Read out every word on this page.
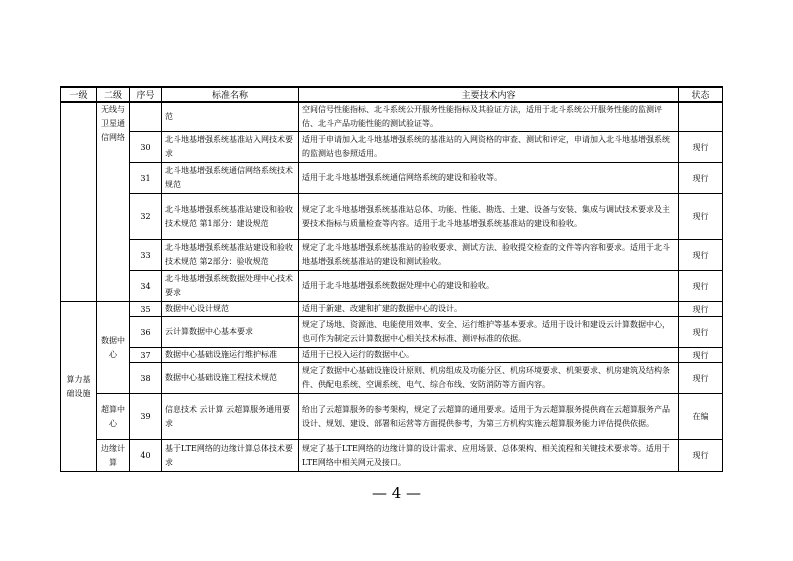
一级	二级	序号	标准名称	主要技术内容	状态
	无线与卫星通信网络		范	空间信号性能指标、北斗系统公开服务性能指标及其验证方法，适用于北斗系统公开服务性能的监测评估、北斗产品功能性能的测试验证等。	
		30	北斗地基增强系统基准站入网技术要求	适用于申请加入北斗地基增强系统的基准站的入网资格的审查、测试和评定，申请加入北斗地基增强系统的监测站也参照适用。	现行
		31	北斗地基增强系统通信网络系统技术规范	适用于北斗地基增强系统通信网络系统的建设和验收等。	现行
		32	北斗地基增强系统基准站建设和验收技术规范 第1部分：建设规范	规定了北斗地基增强系统基准站总体、功能、性能、勘选、土建、设备与安装、集成与调试技术要求及主要技术指标与质量检查等内容。适用于北斗地基增强系统基准站的建设和验收。	现行
		33	北斗地基增强系统基准站建设和验收技术规范 第2部分：验收规范	规定了北斗地基增强系统基准站的验收要求、测试方法、验收提交检查的文件等内容和要求。适用于北斗地基增强系统基准站的建设和测试验收。	现行
		34	北斗地基增强系统数据处理中心技术要求	适用于北斗地基增强系统数据处理中心的建设和验收。	现行
算力基础设施	数据中心	35	数据中心设计规范	适用于新建、改建和扩建的数据中心的设计。	现行
		36	云计算数据中心基本要求	规定了场地、资源池、电能使用效率、安全、运行维护等基本要求。适用于设计和建设云计算数据中心，也可作为制定云计算数据中心相关技术标准、测评标准的依据。	现行
		37	数据中心基础设施运行维护标准	适用于已投入运行的数据中心。	现行
		38	数据中心基础设施工程技术规范	规定了数据中心基础设施设计原则、机房组成及功能分区、机房环境要求、机架要求、机房建筑及结构条件、供配电系统、空调系统、电气、综合布线、安防消防等方面内容。	现行
	超算中心	39	信息技术 云计算 云超算服务通用要求	给出了云超算服务的参考架构，规定了云超算的通用要求。适用于为云超算服务提供商在云超算服务产品设计、规划、建设、部署和运营等方面提供参考，为第三方机构实施云超算服务能力评估提供依据。	在编
	边缘计算	40	基于LTE网络的边缘计算总体技术要求	规定了基于LTE网络的边缘计算的设计需求、应用场景、总体架构、相关流程和关键技术要求等。适用于LTE网络中相关网元及接口。	现行
— 4 —
